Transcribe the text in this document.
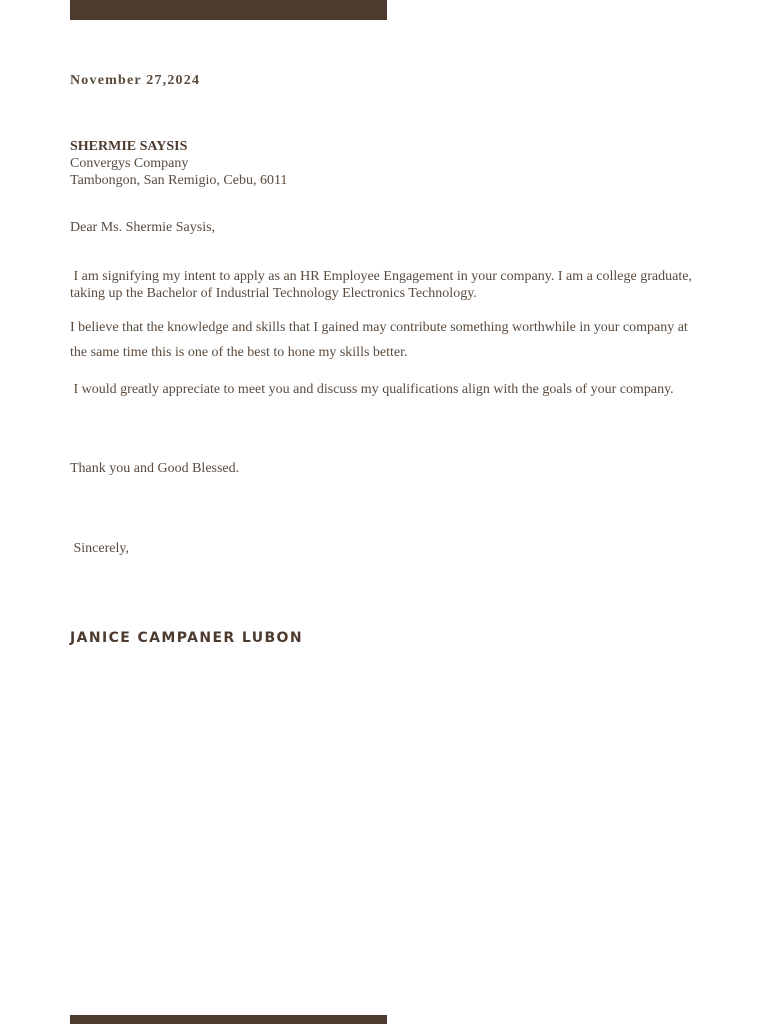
November 27,2024
SHERMIE SAYSIS
Convergys Company
Tambongon, San Remigio, Cebu, 6011
Dear Ms. Shermie Saysis,
I am signifying my intent to apply as an HR Employee Engagement in your company. I am a college graduate, taking up the Bachelor of Industrial Technology Electronics Technology.
I believe that the knowledge and skills that I gained may contribute something worthwhile in your company at the same time this is one of the best to hone my skills better.
I would greatly appreciate to meet you and discuss my qualifications align with the goals of your company.
Thank you and Good Blessed.
Sincerely,
JANICE CAMPANER LUBON
